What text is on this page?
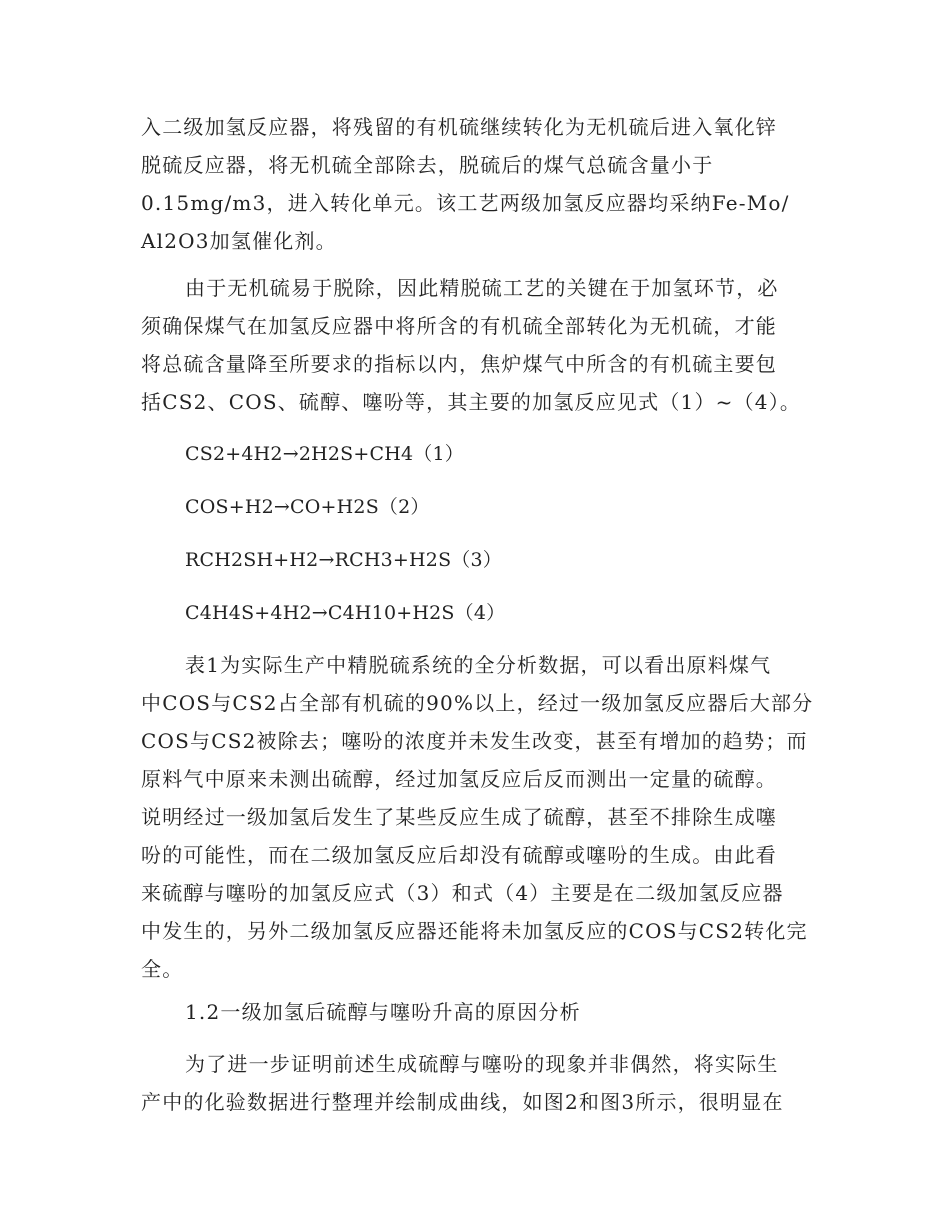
入二级加氢反应器，将残留的有机硫继续转化为无机硫后进入氧化锌
脱硫反应器，将无机硫全部除去，脱硫后的煤气总硫含量小于
0.15mg/m3，进入转化单元。该工艺两级加氢反应器均采纳Fe-Mo/
Al2O3加氢催化剂。
由于无机硫易于脱除，因此精脱硫工艺的关键在于加氢环节，必
须确保煤气在加氢反应器中将所含的有机硫全部转化为无机硫，才能
将总硫含量降至所要求的指标以内，焦炉煤气中所含的有机硫主要包
括CS2、COS、硫醇、噻吩等，其主要的加氢反应见式（1）~（4）。
CS2+4H2→2H2S+CH4（1）
COS+H2→CO+H2S（2）
RCH2SH+H2→RCH3+H2S（3）
C4H4S+4H2→C4H10+H2S（4）
表1为实际生产中精脱硫系统的全分析数据，可以看出原料煤气
中COS与CS2占全部有机硫的90%以上，经过一级加氢反应器后大部分
COS与CS2被除去；噻吩的浓度并未发生改变，甚至有增加的趋势；而
原料气中原来未测出硫醇，经过加氢反应后反而测出一定量的硫醇。
说明经过一级加氢后发生了某些反应生成了硫醇，甚至不排除生成噻
吩的可能性，而在二级加氢反应后却没有硫醇或噻吩的生成。由此看
来硫醇与噻吩的加氢反应式（3）和式（4）主要是在二级加氢反应器
中发生的，另外二级加氢反应器还能将未加氢反应的COS与CS2转化完
全。
1.2一级加氢后硫醇与噻吩升高的原因分析
为了进一步证明前述生成硫醇与噻吩的现象并非偶然，将实际生
产中的化验数据进行整理并绘制成曲线，如图2和图3所示，很明显在
